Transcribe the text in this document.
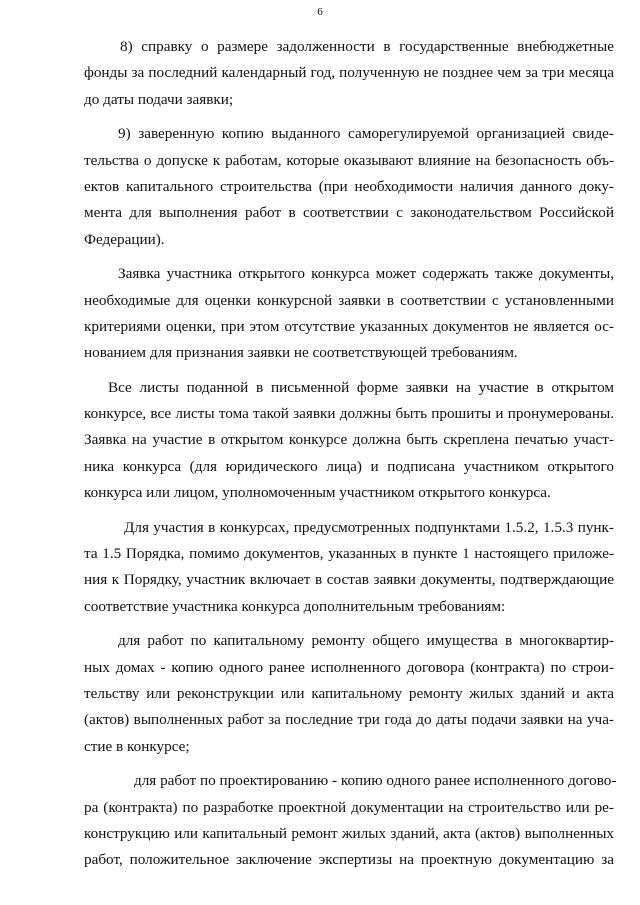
6
8) справку о размере задолженности в государственные внебюджетные
фонды за последний календарный год, полученную не позднее чем за три месяца
до даты подачи заявки;
9) заверенную копию выданного саморегулируемой организацией свиде-
тельства о допуске к работам, которые оказывают влияние на безопасность объ-
ектов капитального строительства (при необходимости наличия данного доку-
мента для выполнения работ в соответствии с законодательством Российской
Федерации).
Заявка участника открытого конкурса может содержать также документы,
необходимые для оценки конкурсной заявки в соответствии с установленными
критериями оценки, при этом отсутствие указанных документов не является ос-
нованием для признания заявки не соответствующей требованиям.
Все листы поданной в письменной форме заявки на участие в открытом
конкурсе, все листы тома такой заявки должны быть прошиты и пронумерованы.
Заявка на участие в открытом конкурсе должна быть скреплена печатью участ-
ника конкурса (для юридического лица) и подписана участником открытого
конкурса или лицом, уполномоченным участником открытого конкурса.
Для участия в конкурсах, предусмотренных подпунктами 1.5.2, 1.5.3 пунк-
та 1.5 Порядка, помимо документов, указанных в пункте 1 настоящего приложе-
ния к Порядку, участник включает в состав заявки документы, подтверждающие
соответствие участника конкурса дополнительным требованиям:
для работ по капитальному ремонту общего имущества в многоквартир-
ных домах - копию одного ранее исполненного договора (контракта) по строи-
тельству или реконструкции или капитальному ремонту жилых зданий и акта
(актов) выполненных работ за последние три года до даты подачи заявки на уча-
стие в конкурсе;
для работ по проектированию - копию одного ранее исполненного догово-
ра (контракта) по разработке проектной документации на строительство или ре-
конструкцию или капитальный ремонт жилых зданий, акта (актов) выполненных
работ, положительное заключение экспертизы на проектную документацию за
